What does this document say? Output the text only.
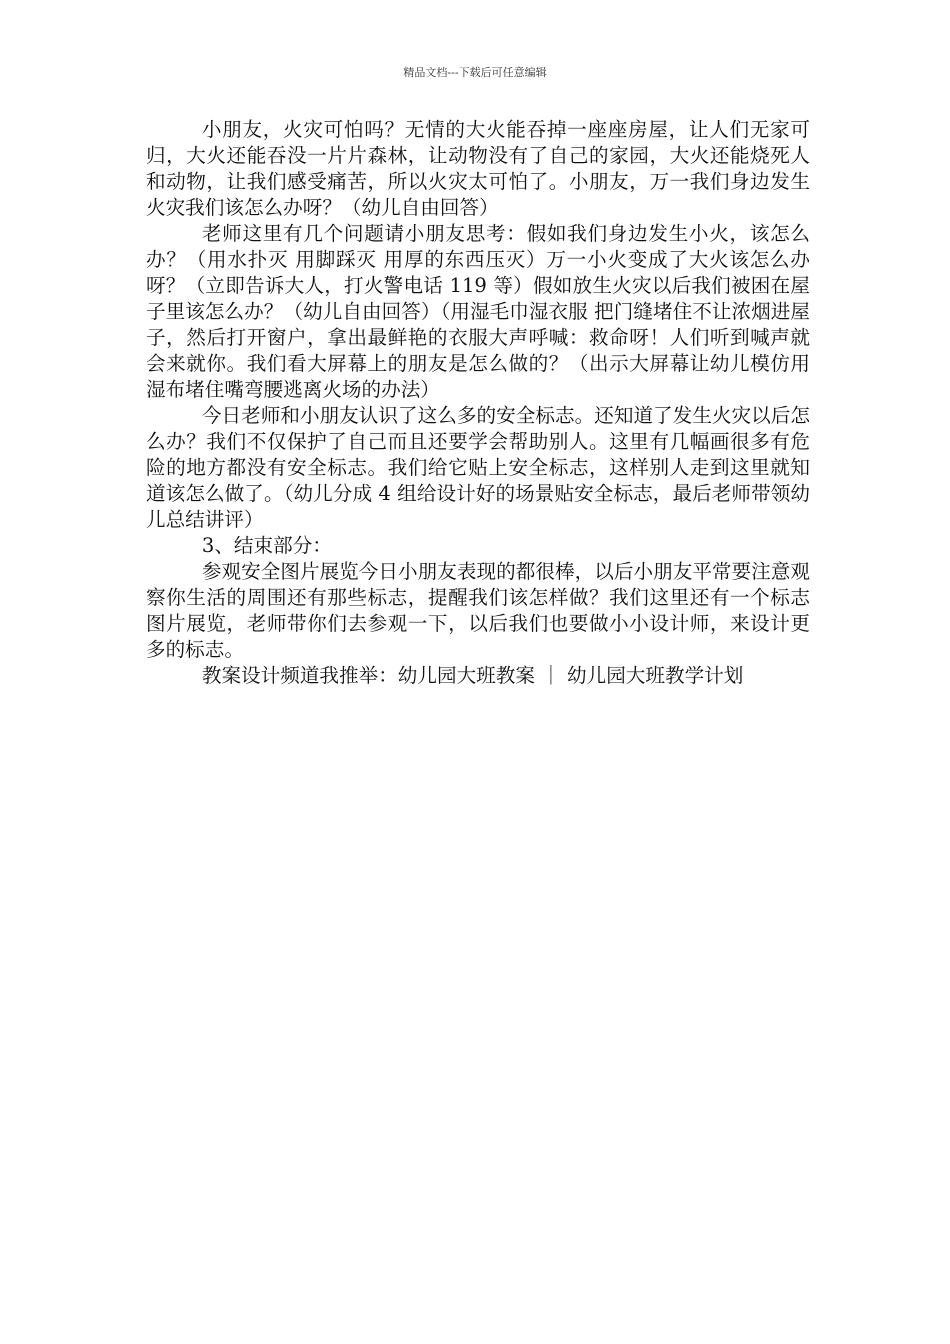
精品文档---下载后可任意编辑

小朋友，火灾可怕吗？无情的大火能吞掉一座座房屋，让人们无家可归，大火还能吞没一片片森林，让动物没有了自己的家园，大火还能烧死人和动物，让我们感受痛苦，所以火灾太可怕了。小朋友，万一我们身边发生火灾我们该怎么办呀？（幼儿自由回答）

老师这里有几个问题请小朋友思考：假如我们身边发生小火，该怎么办？（用水扑灭 用脚踩灭 用厚的东西压灭）万一小火变成了大火该怎么办呀？（立即告诉大人，打火警电话 119 等）假如放生火灾以后我们被困在屋子里该怎么办？（幼儿自由回答）（用湿毛巾湿衣服 把门缝堵住不让浓烟进屋子，然后打开窗户，拿出最鲜艳的衣服大声呼喊：救命呀！人们听到喊声就会来就你。我们看大屏幕上的朋友是怎么做的？（出示大屏幕让幼儿模仿用湿布堵住嘴弯腰逃离火场的办法）

今日老师和小朋友认识了这么多的安全标志。还知道了发生火灾以后怎么办？我们不仅保护了自己而且还要学会帮助别人。这里有几幅画很多有危险的地方都没有安全标志。我们给它贴上安全标志，这样别人走到这里就知道该怎么做了。（幼儿分成 4 组给设计好的场景贴安全标志，最后老师带领幼儿总结讲评）

3、结束部分：

参观安全图片展览今日小朋友表现的都很棒，以后小朋友平常要注意观察你生活的周围还有那些标志，提醒我们该怎样做？我们这里还有一个标志图片展览，老师带你们去参观一下，以后我们也要做小小设计师，来设计更多的标志。

教案设计频道我推举：幼儿园大班教案 ｜ 幼儿园大班教学计划
